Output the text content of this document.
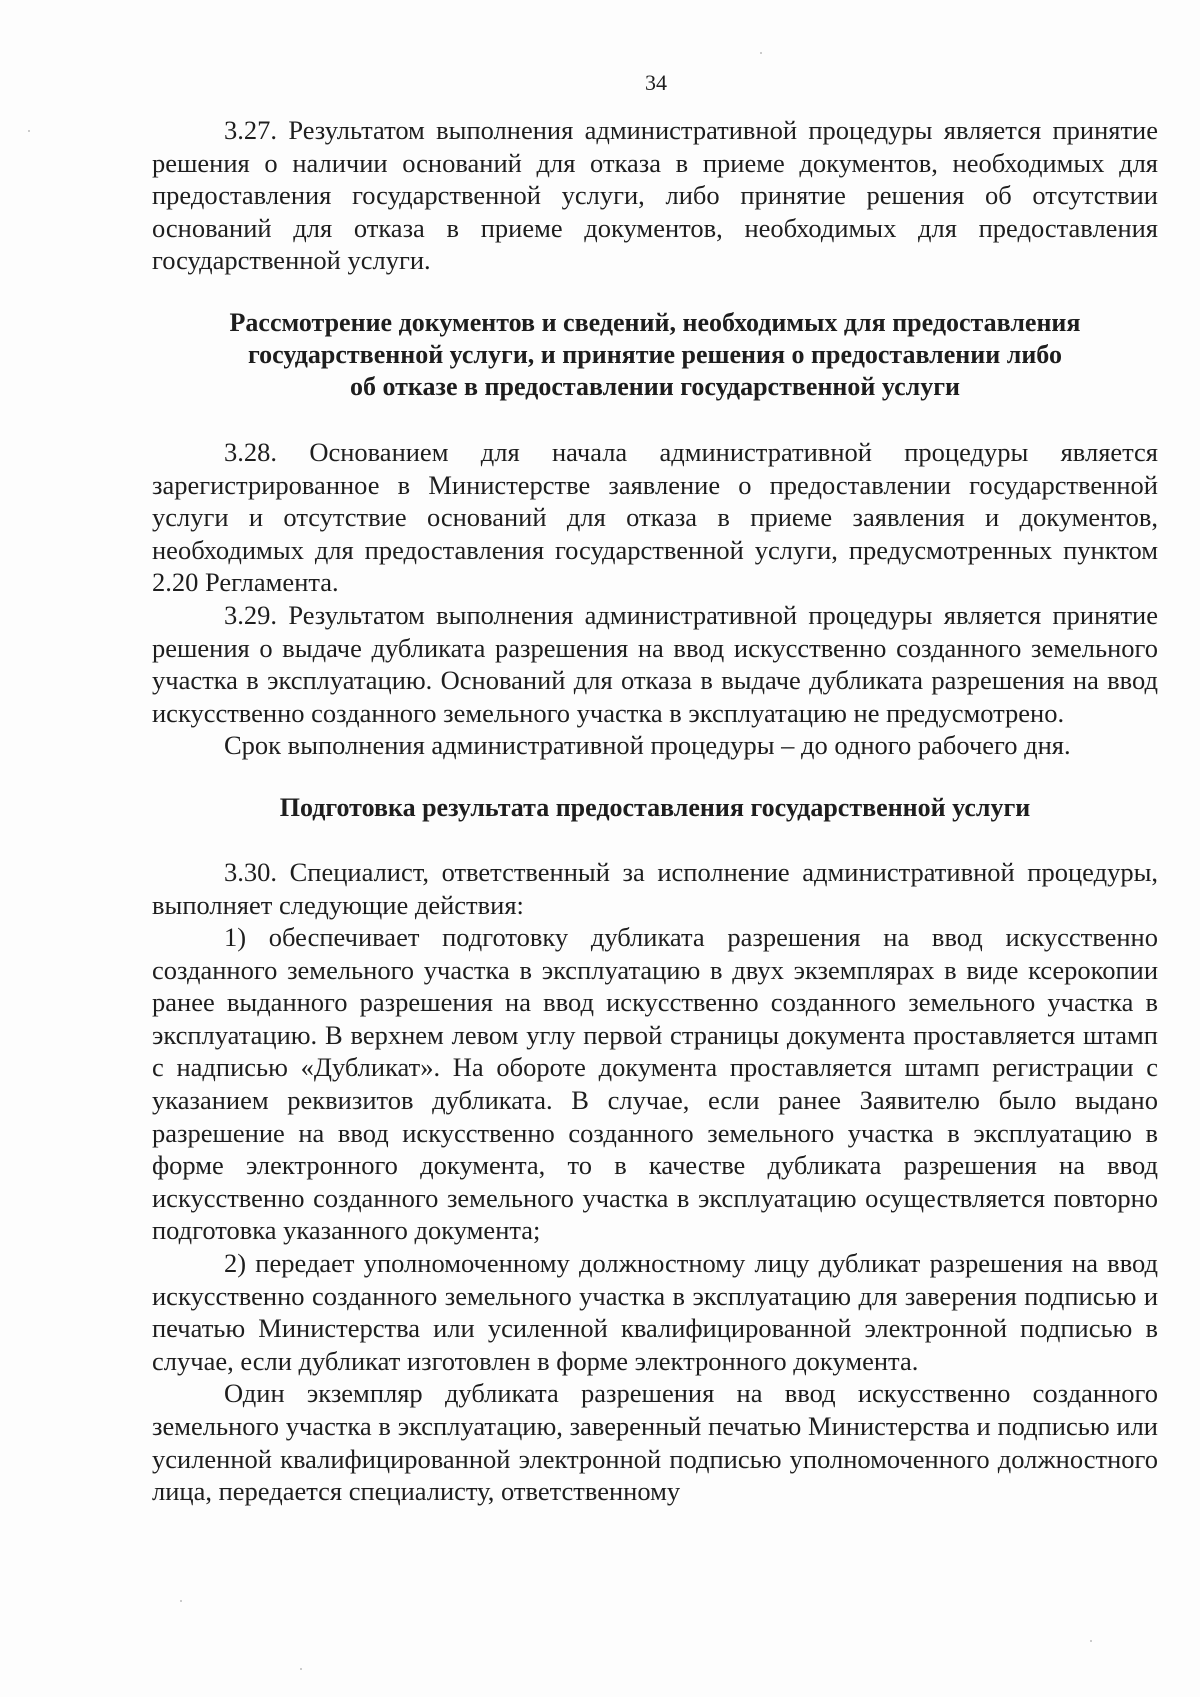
34

3.27. Результатом выполнения административной процедуры является принятие решения о наличии оснований для отказа в приеме документов, необходимых для предоставления государственной услуги, либо принятие решения об отсутствии оснований для отказа в приеме документов, необходимых для предоставления государственной услуги.

Рассмотрение документов и сведений, необходимых для предоставления
государственной услуги, и принятие решения о предоставлении либо
об отказе в предоставлении государственной услуги

3.28. Основанием для начала административной процедуры является зарегистрированное в Министерстве заявление о предоставлении государственной услуги и отсутствие оснований для отказа в приеме заявления и документов, необходимых для предоставления государственной услуги, предусмотренных пунктом 2.20 Регламента.

3.29. Результатом выполнения административной процедуры является принятие решения о выдаче дубликата разрешения на ввод искусственно созданного земельного участка в эксплуатацию. Оснований для отказа в выдаче дубликата разрешения на ввод искусственно созданного земельного участка в эксплуатацию не предусмотрено.

Срок выполнения административной процедуры – до одного рабочего дня.

Подготовка результата предоставления государственной услуги

3.30. Специалист, ответственный за исполнение административной процедуры, выполняет следующие действия:

1) обеспечивает подготовку дубликата разрешения на ввод искусственно созданного земельного участка в эксплуатацию в двух экземплярах в виде ксерокопии ранее выданного разрешения на ввод искусственно созданного земельного участка в эксплуатацию. В верхнем левом углу первой страницы документа проставляется штамп с надписью «Дубликат». На обороте документа проставляется штамп регистрации с указанием реквизитов дубликата. В случае, если ранее Заявителю было выдано разрешение на ввод искусственно созданного земельного участка в эксплуатацию в форме электронного документа, то в качестве дубликата разрешения на ввод искусственно созданного земельного участка в эксплуатацию осуществляется повторно подготовка указанного документа;

2) передает уполномоченному должностному лицу дубликат разрешения на ввод искусственно созданного земельного участка в эксплуатацию для заверения подписью и печатью Министерства или усиленной квалифицированной электронной подписью в случае, если дубликат изготовлен в форме электронного документа.

Один экземпляр дубликата разрешения на ввод искусственно созданного земельного участка в эксплуатацию, заверенный печатью Министерства и подписью или усиленной квалифицированной электронной подписью уполномоченного должностного лица, передается специалисту, ответственному
